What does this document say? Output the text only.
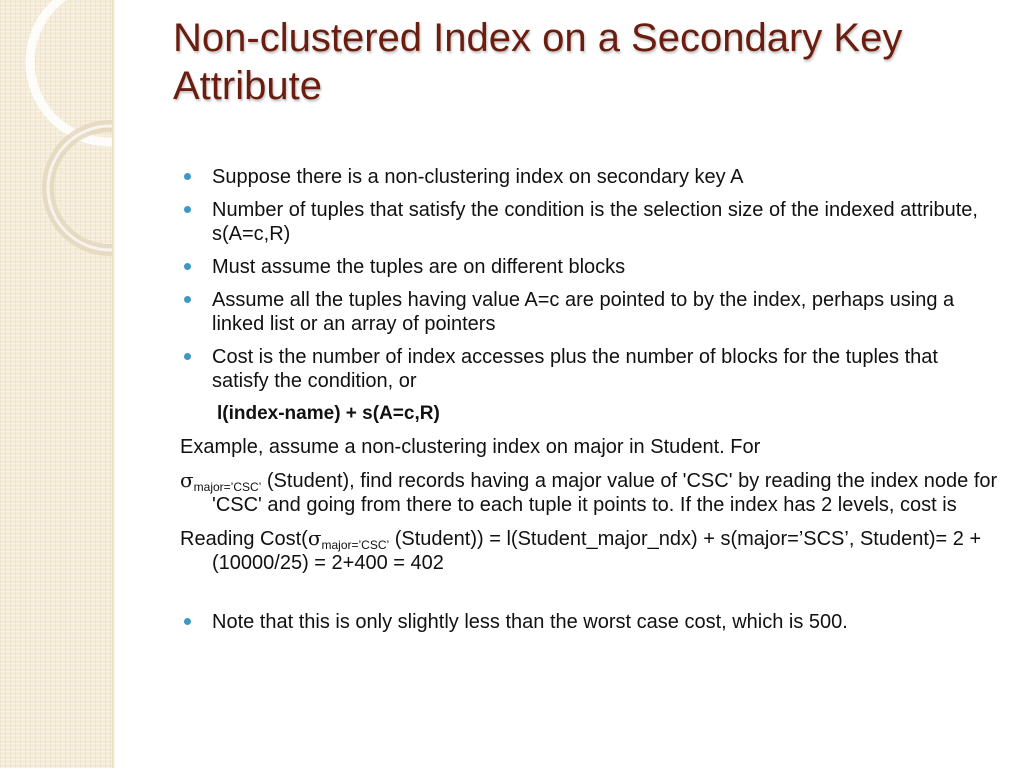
Non-clustered Index on a Secondary Key Attribute
Suppose there is a non-clustering index on secondary key A
Number of tuples that satisfy the condition is the selection size of the indexed attribute, s(A=c,R)
Must assume the tuples are on different blocks
Assume all the tuples having value A=c are pointed to by the index, perhaps using a linked list or an array of pointers
Cost is the number of index accesses plus the number of blocks for the tuples that satisfy the condition, or
l(index-name) + s(A=c,R)
Example, assume a non-clustering index on major in Student. For
$\sigma_{major=’CSC’}$ (Student), find records having a major value of 'CSC' by reading the index node for 'CSC' and going from there to each tuple it points to. If the index has 2 levels, cost is
Reading $Cost(\sigma_{major=’CSC’}$ (Student)) = l(Student_major_ndx) + s(major=’SCS’, Student)= 2 + (10000/25) = 2+400 = 402
Note that this is only slightly less than the worst case cost, which is 500.
